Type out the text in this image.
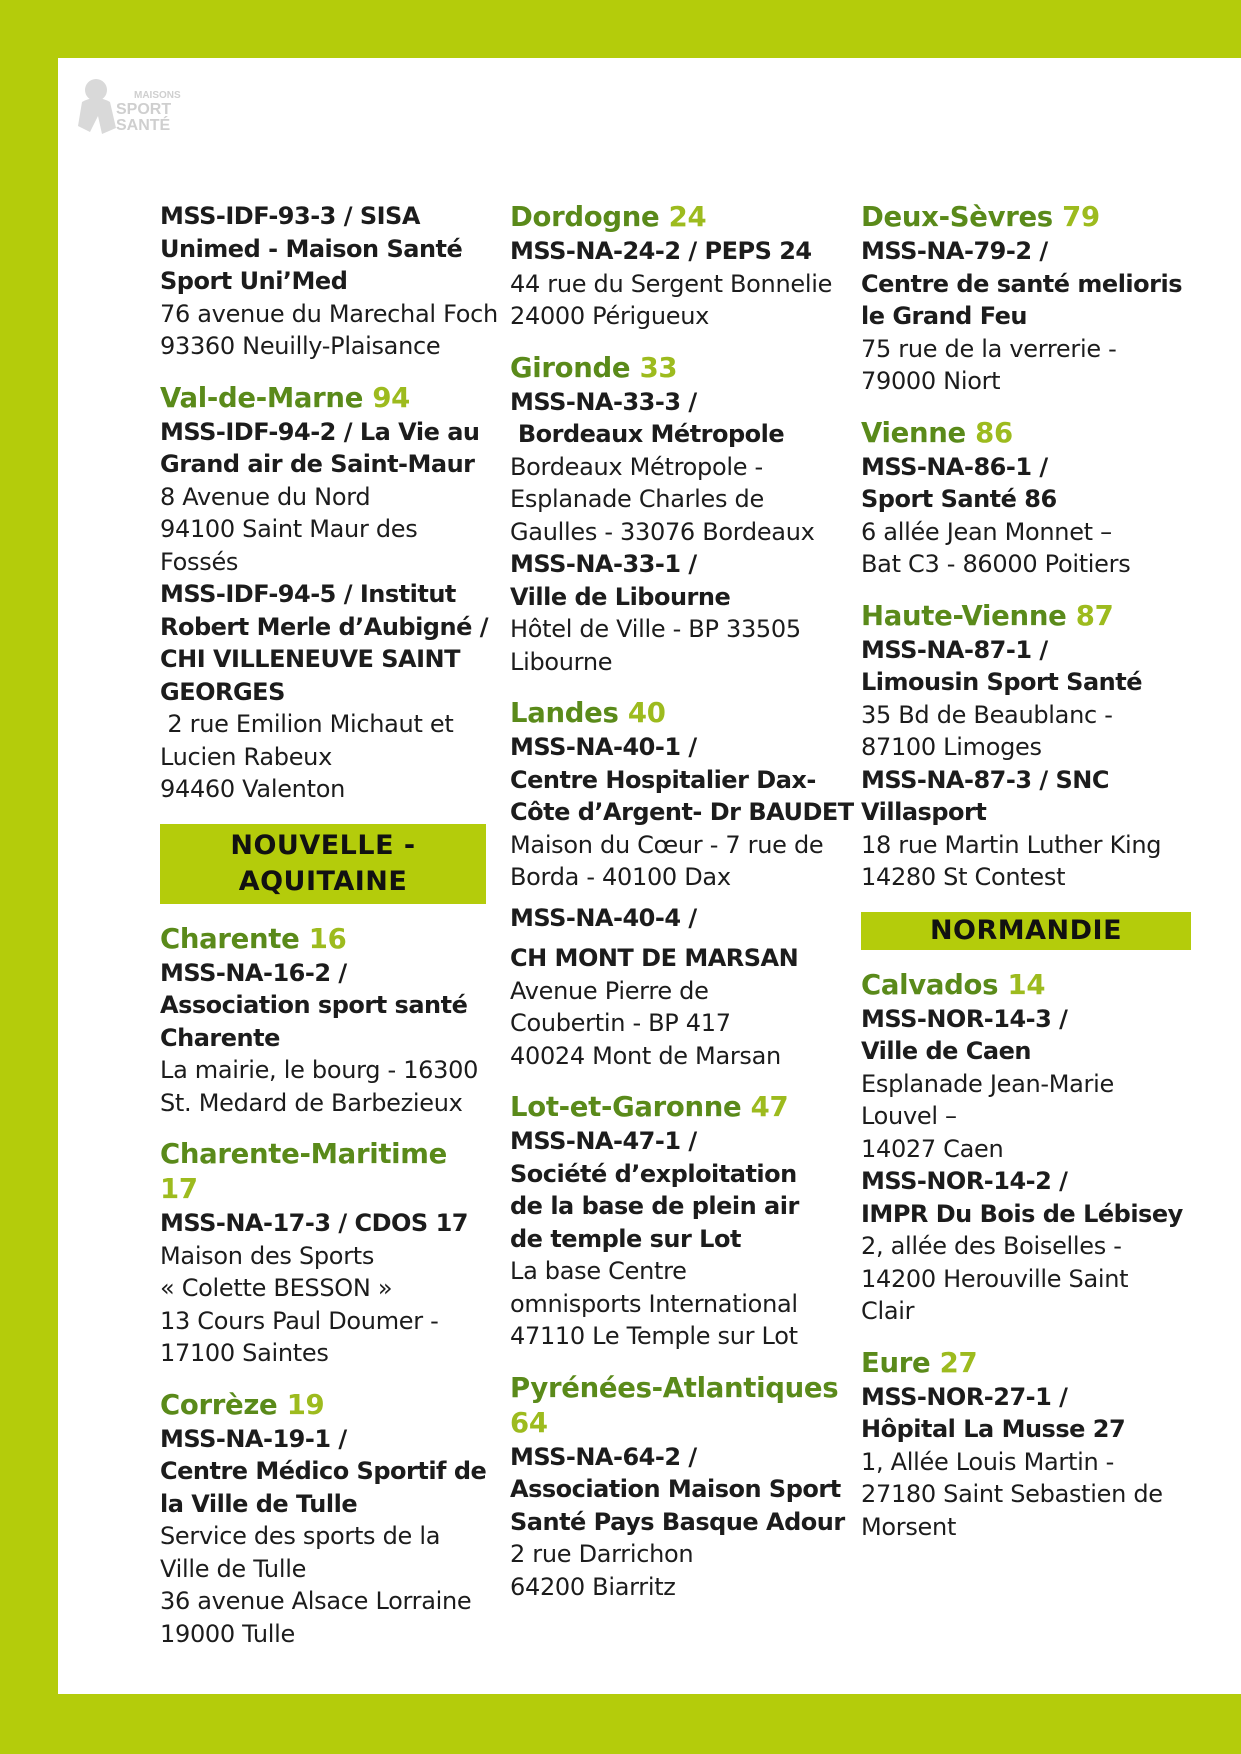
MAISONS
SPORT
SANTÉ
MSS-IDF-93-3 / SISA
Unimed - Maison Santé
Sport Uni’Med
76 avenue du Marechal Foch
93360 Neuilly-Plaisance
Val-de-Marne 94
MSS-IDF-94-2 / La Vie au
Grand air de Saint-Maur
8 Avenue du Nord
94100 Saint Maur des
Fossés
MSS-IDF-94-5 / Institut
Robert Merle d’Aubigné /
CHI VILLENEUVE SAINT
GEORGES
2 rue Emilion Michaut et
Lucien Rabeux
94460 Valenton
NOUVELLE -
AQUITAINE
Charente 16
MSS-NA-16-2 /
Association sport santé
Charente
La mairie, le bourg - 16300
St. Medard de Barbezieux
Charente-Maritime 17
MSS-NA-17-3 / CDOS 17
Maison des Sports
« Colette BESSON »
13 Cours Paul Doumer -
17100 Saintes
Corrèze 19
MSS-NA-19-1 /
Centre Médico Sportif de
la Ville de Tulle
Service des sports de la
Ville de Tulle
36 avenue Alsace Lorraine
19000 Tulle
Dordogne 24
MSS-NA-24-2 / PEPS 24
44 rue du Sergent Bonnelie
24000 Périgueux
Gironde 33
MSS-NA-33-3 /
Bordeaux Métropole
Bordeaux Métropole -
Esplanade Charles de
Gaulles - 33076 Bordeaux
MSS-NA-33-1 /
Ville de Libourne
Hôtel de Ville - BP 33505
Libourne
Landes 40
MSS-NA-40-1 /
Centre Hospitalier Dax-
Côte d’Argent- Dr BAUDET
Maison du Cœur - 7 rue de
Borda - 40100 Dax
MSS-NA-40-4 /
CH MONT DE MARSAN
Avenue Pierre de
Coubertin - BP 417
40024 Mont de Marsan
Lot-et-Garonne 47
MSS-NA-47-1 /
Société d’exploitation
de la base de plein air
de temple sur Lot
La base Centre
omnisports International
47110 Le Temple sur Lot
Pyrénées-Atlantiques
64
MSS-NA-64-2 /
Association Maison Sport
Santé Pays Basque Adour
2 rue Darrichon
64200 Biarritz
Deux-Sèvres 79
MSS-NA-79-2 /
Centre de santé melioris
le Grand Feu
75 rue de la verrerie -
79000 Niort
Vienne 86
MSS-NA-86-1 /
Sport Santé 86
6 allée Jean Monnet –
Bat C3 - 86000 Poitiers
Haute-Vienne 87
MSS-NA-87-1 /
Limousin Sport Santé
35 Bd de Beaublanc -
87100 Limoges
MSS-NA-87-3 / SNC
Villasport
18 rue Martin Luther King
14280 St Contest
NORMANDIE
Calvados 14
MSS-NOR-14-3 /
Ville de Caen
Esplanade Jean-Marie
Louvel –
14027 Caen
MSS-NOR-14-2 /
IMPR Du Bois de Lébisey
2, allée des Boiselles -
14200 Herouville Saint
Clair
Eure 27
MSS-NOR-27-1 /
Hôpital La Musse 27
1, Allée Louis Martin -
27180 Saint Sebastien de
Morsent
